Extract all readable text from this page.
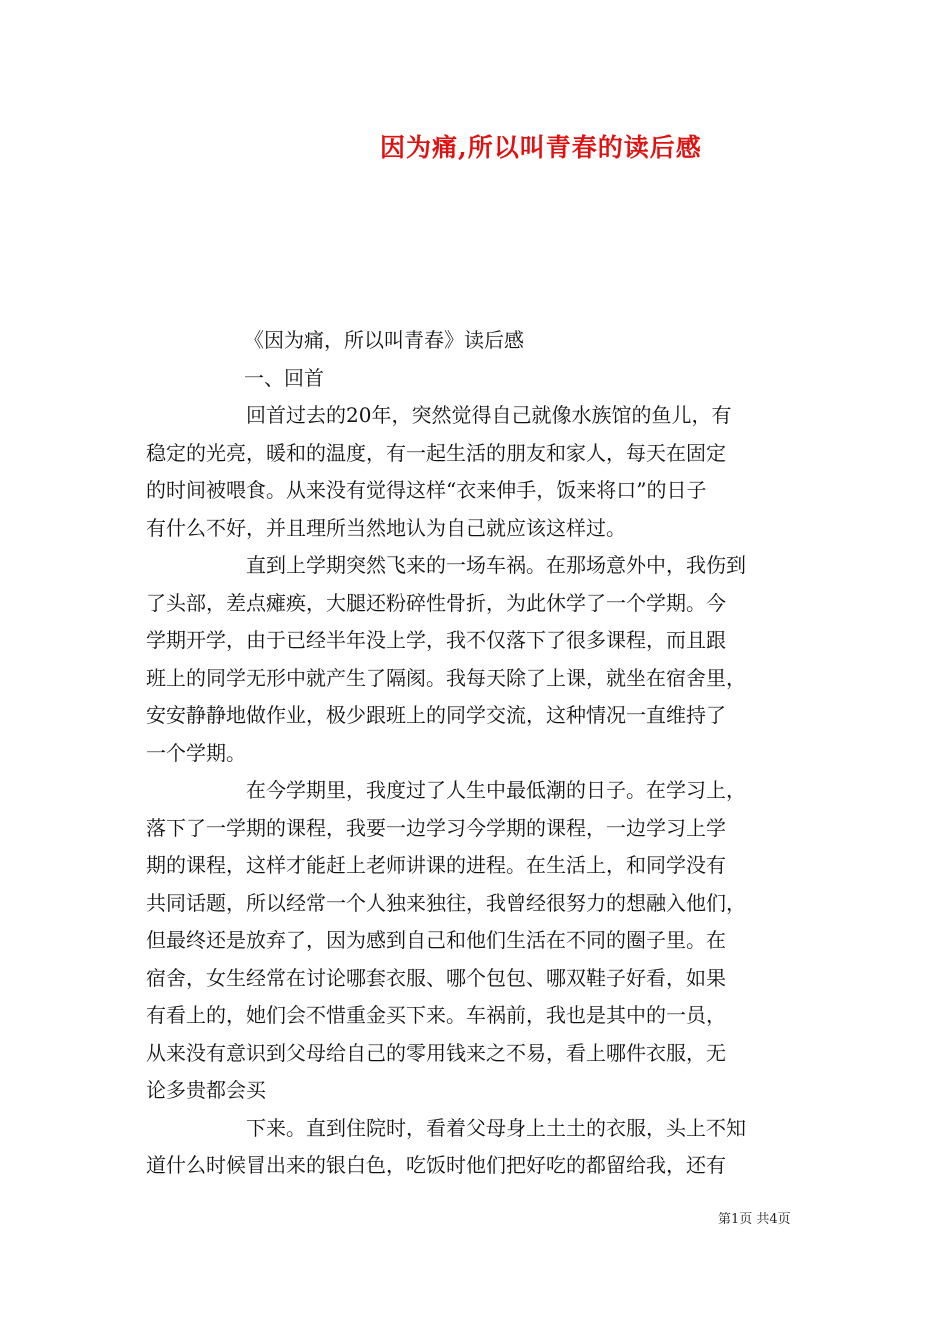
因为痛,所以叫青春的读后感
《因为痛，所以叫青春》读后感
一、回首
回首过去的20年，突然觉得自己就像水族馆的鱼儿，有
稳定的光亮，暖和的温度，有一起生活的朋友和家人，每天在固定
的时间被喂食。从来没有觉得这样“衣来伸手，饭来将口”的日子
有什么不好，并且理所当然地认为自己就应该这样过。
直到上学期突然飞来的一场车祸。在那场意外中，我伤到
了头部，差点瘫痪，大腿还粉碎性骨折，为此休学了一个学期。今
学期开学，由于已经半年没上学，我不仅落下了很多课程，而且跟
班上的同学无形中就产生了隔阂。我每天除了上课，就坐在宿舍里，
安安静静地做作业，极少跟班上的同学交流，这种情况一直维持了
一个学期。
在今学期里，我度过了人生中最低潮的日子。在学习上，
落下了一学期的课程，我要一边学习今学期的课程，一边学习上学
期的课程，这样才能赶上老师讲课的进程。在生活上，和同学没有
共同话题，所以经常一个人独来独往，我曾经很努力的想融入他们，
但最终还是放弃了，因为感到自己和他们生活在不同的圈子里。在
宿舍，女生经常在讨论哪套衣服、哪个包包、哪双鞋子好看，如果
有看上的，她们会不惜重金买下来。车祸前，我也是其中的一员，
从来没有意识到父母给自己的零用钱来之不易，看上哪件衣服，无
论多贵都会买
下来。直到住院时，看着父母身上土土的衣服，头上不知
道什么时候冒出来的银白色，吃饭时他们把好吃的都留给我，还有
第1页 共4页
